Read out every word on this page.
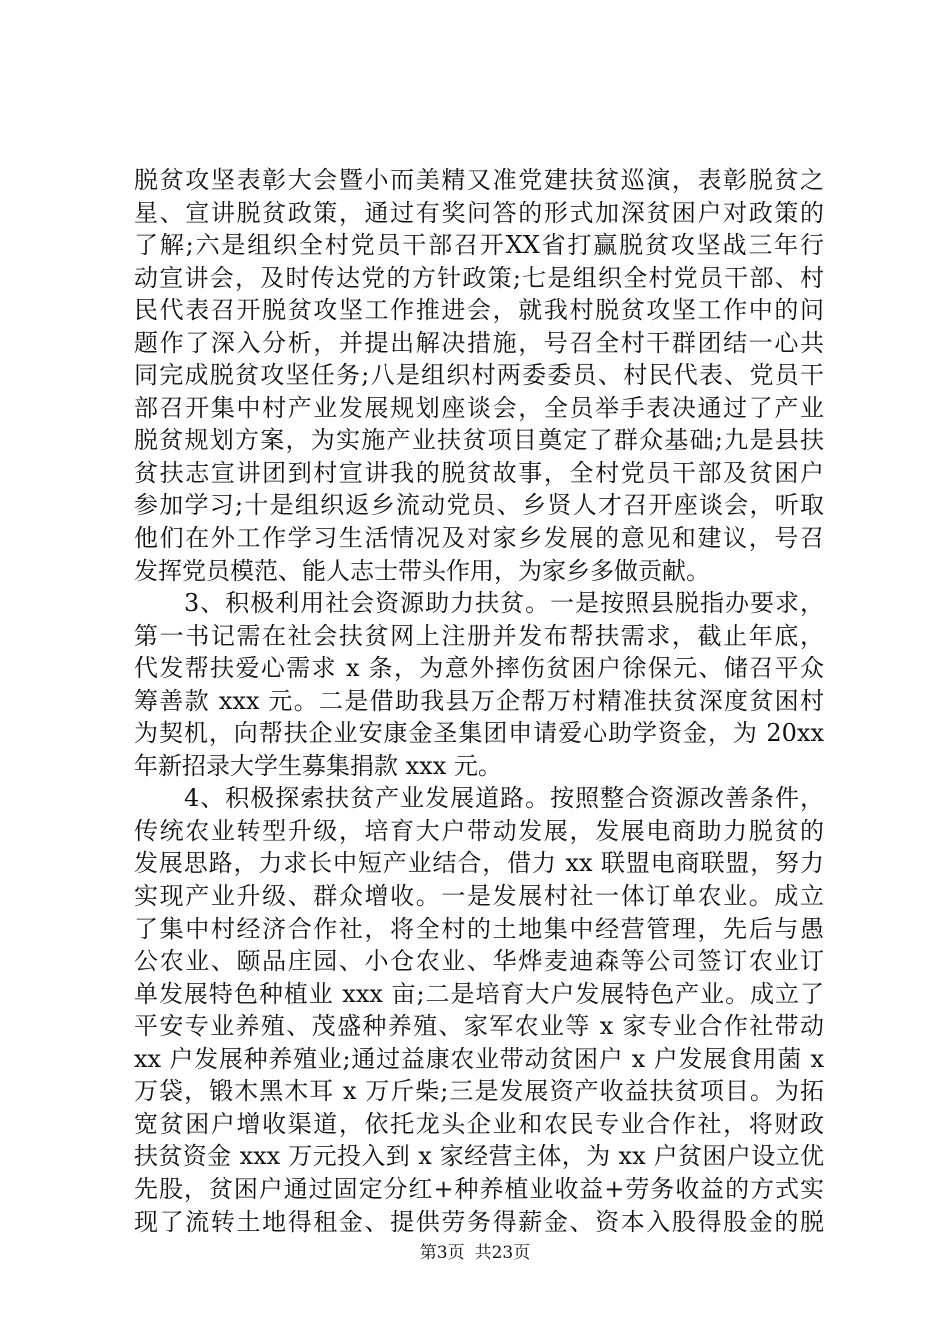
脱贫攻坚表彰大会暨小而美精又准党建扶贫巡演，表彰脱贫之
星、宣讲脱贫政策，通过有奖问答的形式加深贫困户对政策的
了解;六是组织全村党员干部召开XX省打赢脱贫攻坚战三年行
动宣讲会，及时传达党的方针政策;七是组织全村党员干部、村
民代表召开脱贫攻坚工作推进会，就我村脱贫攻坚工作中的问
题作了深入分析，并提出解决措施，号召全村干群团结一心共
同完成脱贫攻坚任务;八是组织村两委委员、村民代表、党员干
部召开集中村产业发展规划座谈会，全员举手表决通过了产业
脱贫规划方案，为实施产业扶贫项目奠定了群众基础;九是县扶
贫扶志宣讲团到村宣讲我的脱贫故事，全村党员干部及贫困户
参加学习;十是组织返乡流动党员、乡贤人才召开座谈会，听取
他们在外工作学习生活情况及对家乡发展的意见和建议，号召
发挥党员模范、能人志士带头作用，为家乡多做贡献。
　　3、积极利用社会资源助力扶贫。一是按照县脱指办要求，
第一书记需在社会扶贫网上注册并发布帮扶需求，截止年底，
代发帮扶爱心需求 x 条，为意外摔伤贫困户徐保元、储召平众
筹善款 xxx 元。二是借助我县万企帮万村精准扶贫深度贫困村
为契机，向帮扶企业安康金圣集团申请爱心助学资金，为 20xx
年新招录大学生募集捐款 xxx 元。
　　4、积极探索扶贫产业发展道路。按照整合资源改善条件，
传统农业转型升级，培育大户带动发展，发展电商助力脱贫的
发展思路，力求长中短产业结合，借力 xx 联盟电商联盟，努力
实现产业升级、群众增收。一是发展村社一体订单农业。成立
了集中村经济合作社，将全村的土地集中经营管理，先后与愚
公农业、颐品庄园、小仓农业、华烨麦迪森等公司签订农业订
单发展特色种植业 xxx 亩;二是培育大户发展特色产业。成立了
平安专业养殖、茂盛种养殖、家军农业等 x 家专业合作社带动
xx 户发展种养殖业;通过益康农业带动贫困户 x 户发展食用菌 x
万袋，锻木黑木耳 x 万斤柴;三是发展资产收益扶贫项目。为拓
宽贫困户增收渠道，依托龙头企业和农民专业合作社，将财政
扶贫资金 xxx 万元投入到 x 家经营主体，为 xx 户贫困户设立优
先股，贫困户通过固定分红+种养植业收益+劳务收益的方式实
现了流转土地得租金、提供劳务得薪金、资本入股得股金的脱
第3页 共23页
